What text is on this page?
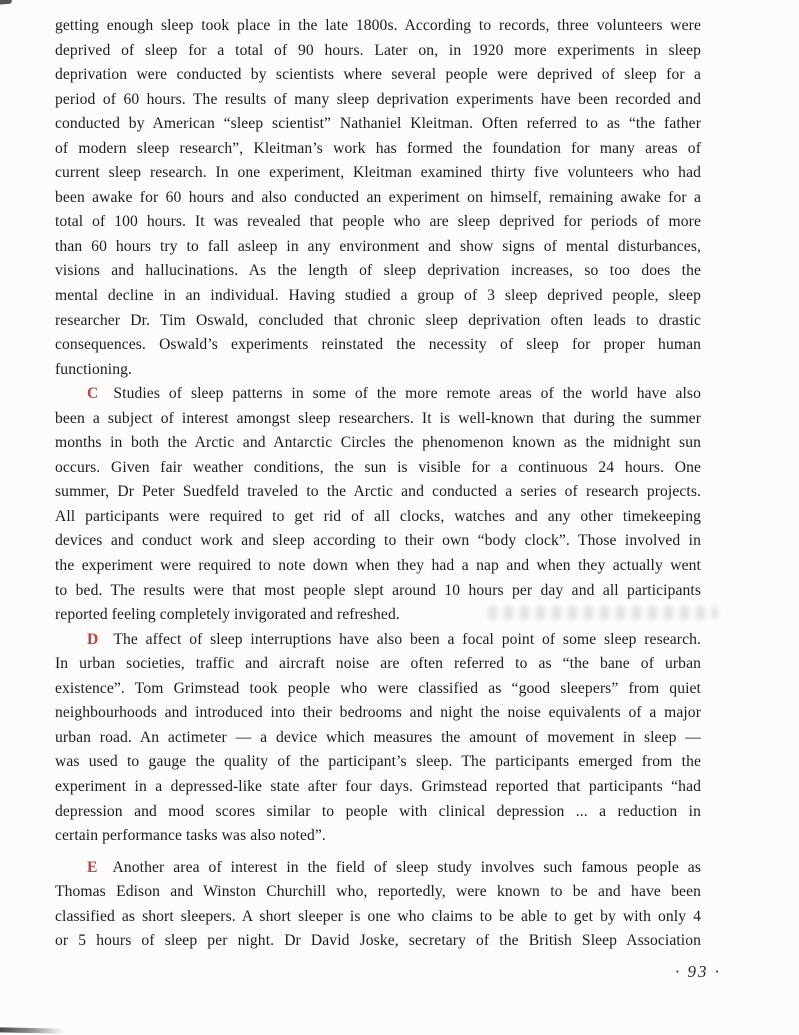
getting enough sleep took place in the late 1800s. According to records, three volunteers were
deprived of sleep for a total of 90 hours. Later on, in 1920 more experiments in sleep
deprivation were conducted by scientists where several people were deprived of sleep for a
period of 60 hours. The results of many sleep deprivation experiments have been recorded and
conducted by American “sleep scientist” Nathaniel Kleitman. Often referred to as “the father
of modern sleep research”, Kleitman’s work has formed the foundation for many areas of
current sleep research. In one experiment, Kleitman examined thirty five volunteers who had
been awake for 60 hours and also conducted an experiment on himself, remaining awake for a
total of 100 hours. It was revealed that people who are sleep deprived for periods of more
than 60 hours try to fall asleep in any environment and show signs of mental disturbances,
visions and hallucinations. As the length of sleep deprivation increases, so too does the
mental decline in an individual. Having studied a group of 3 sleep deprived people, sleep
researcher Dr. Tim Oswald, concluded that chronic sleep deprivation often leads to drastic
consequences. Oswald’s experiments reinstated the necessity of sleep for proper human
functioning.
C Studies of sleep patterns in some of the more remote areas of the world have also
been a subject of interest amongst sleep researchers. It is well-known that during the summer
months in both the Arctic and Antarctic Circles the phenomenon known as the midnight sun
occurs. Given fair weather conditions, the sun is visible for a continuous 24 hours. One
summer, Dr Peter Suedfeld traveled to the Arctic and conducted a series of research projects.
All participants were required to get rid of all clocks, watches and any other timekeeping
devices and conduct work and sleep according to their own “body clock”. Those involved in
the experiment were required to note down when they had a nap and when they actually went
to bed. The results were that most people slept around 10 hours per day and all participants
reported feeling completely invigorated and refreshed.
D The affect of sleep interruptions have also been a focal point of some sleep research.
In urban societies, traffic and aircraft noise are often referred to as “the bane of urban
existence”. Tom Grimstead took people who were classified as “good sleepers” from quiet
neighbourhoods and introduced into their bedrooms and night the noise equivalents of a major
urban road. An actimeter — a device which measures the amount of movement in sleep —
was used to gauge the quality of the participant’s sleep. The participants emerged from the
experiment in a depressed-like state after four days. Grimstead reported that participants “had
depression and mood scores similar to people with clinical depression ... a reduction in
certain performance tasks was also noted”.
E Another area of interest in the field of sleep study involves such famous people as
Thomas Edison and Winston Churchill who, reportedly, were known to be and have been
classified as short sleepers. A short sleeper is one who claims to be able to get by with only 4
or 5 hours of sleep per night. Dr David Joske, secretary of the British Sleep Association
· 93 ·
